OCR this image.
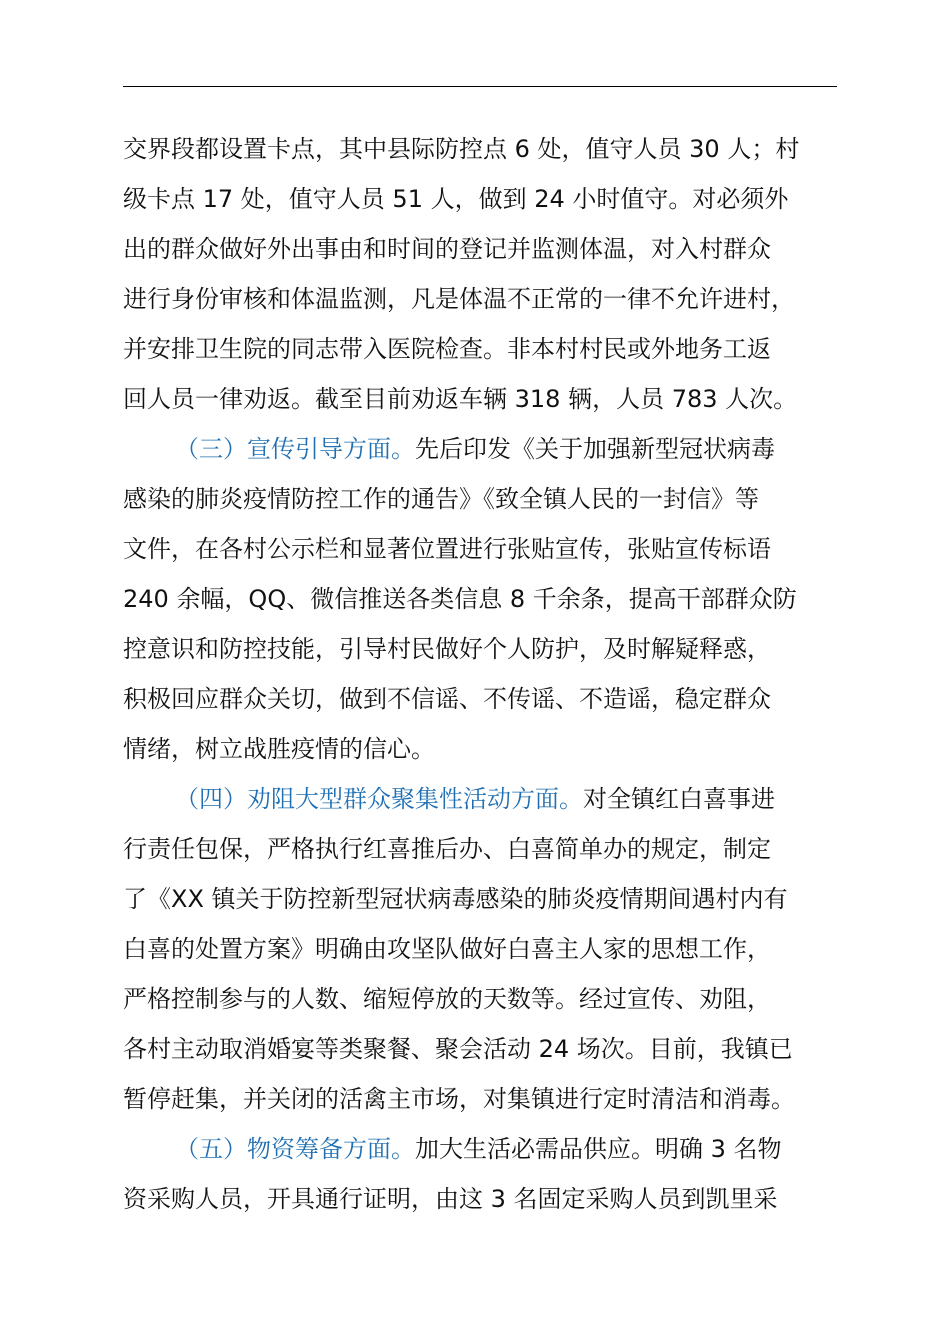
交界段都设置卡点，其中县际防控点 6 处，值守人员 30 人；村
级卡点 17 处，值守人员 51 人，做到 24 小时值守。对必须外
出的群众做好外出事由和时间的登记并监测体温，对入村群众
进行身份审核和体温监测，凡是体温不正常的一律不允许进村，
并安排卫生院的同志带入医院检查。非本村村民或外地务工返
回人员一律劝返。截至目前劝返车辆 318 辆，人员 783 人次。
（三）宣传引导方面。 先后印发《关于加强新型冠状病毒
感染的肺炎疫情防控工作的通告》《致全镇人民的一封信》等
文件，在各村公示栏和显著位置进行张贴宣传，张贴宣传标语
240 余幅，QQ、微信推送各类信息 8 千余条，提高干部群众防
控意识和防控技能，引导村民做好个人防护，及时解疑释惑，
积极回应群众关切，做到不信谣、不传谣、不造谣，稳定群众
情绪，树立战胜疫情的信心。
（四）劝阻大型群众聚集性活动方面。 对全镇红白喜事进
行责任包保，严格执行红喜推后办、白喜简单办的规定，制定
了《XX 镇关于防控新型冠状病毒感染的肺炎疫情期间遇村内有
白喜的处置方案》明确由攻坚队做好白喜主人家的思想工作，
严格控制参与的人数、缩短停放的天数等。经过宣传、劝阻，
各村主动取消婚宴等类聚餐、聚会活动 24 场次。目前，我镇已
暂停赶集，并关闭的活禽主市场，对集镇进行定时清洁和消毒。
（五）物资筹备方面。 加大生活必需品供应。明确 3 名物
资采购人员，开具通行证明，由这 3 名固定采购人员到凯里采
